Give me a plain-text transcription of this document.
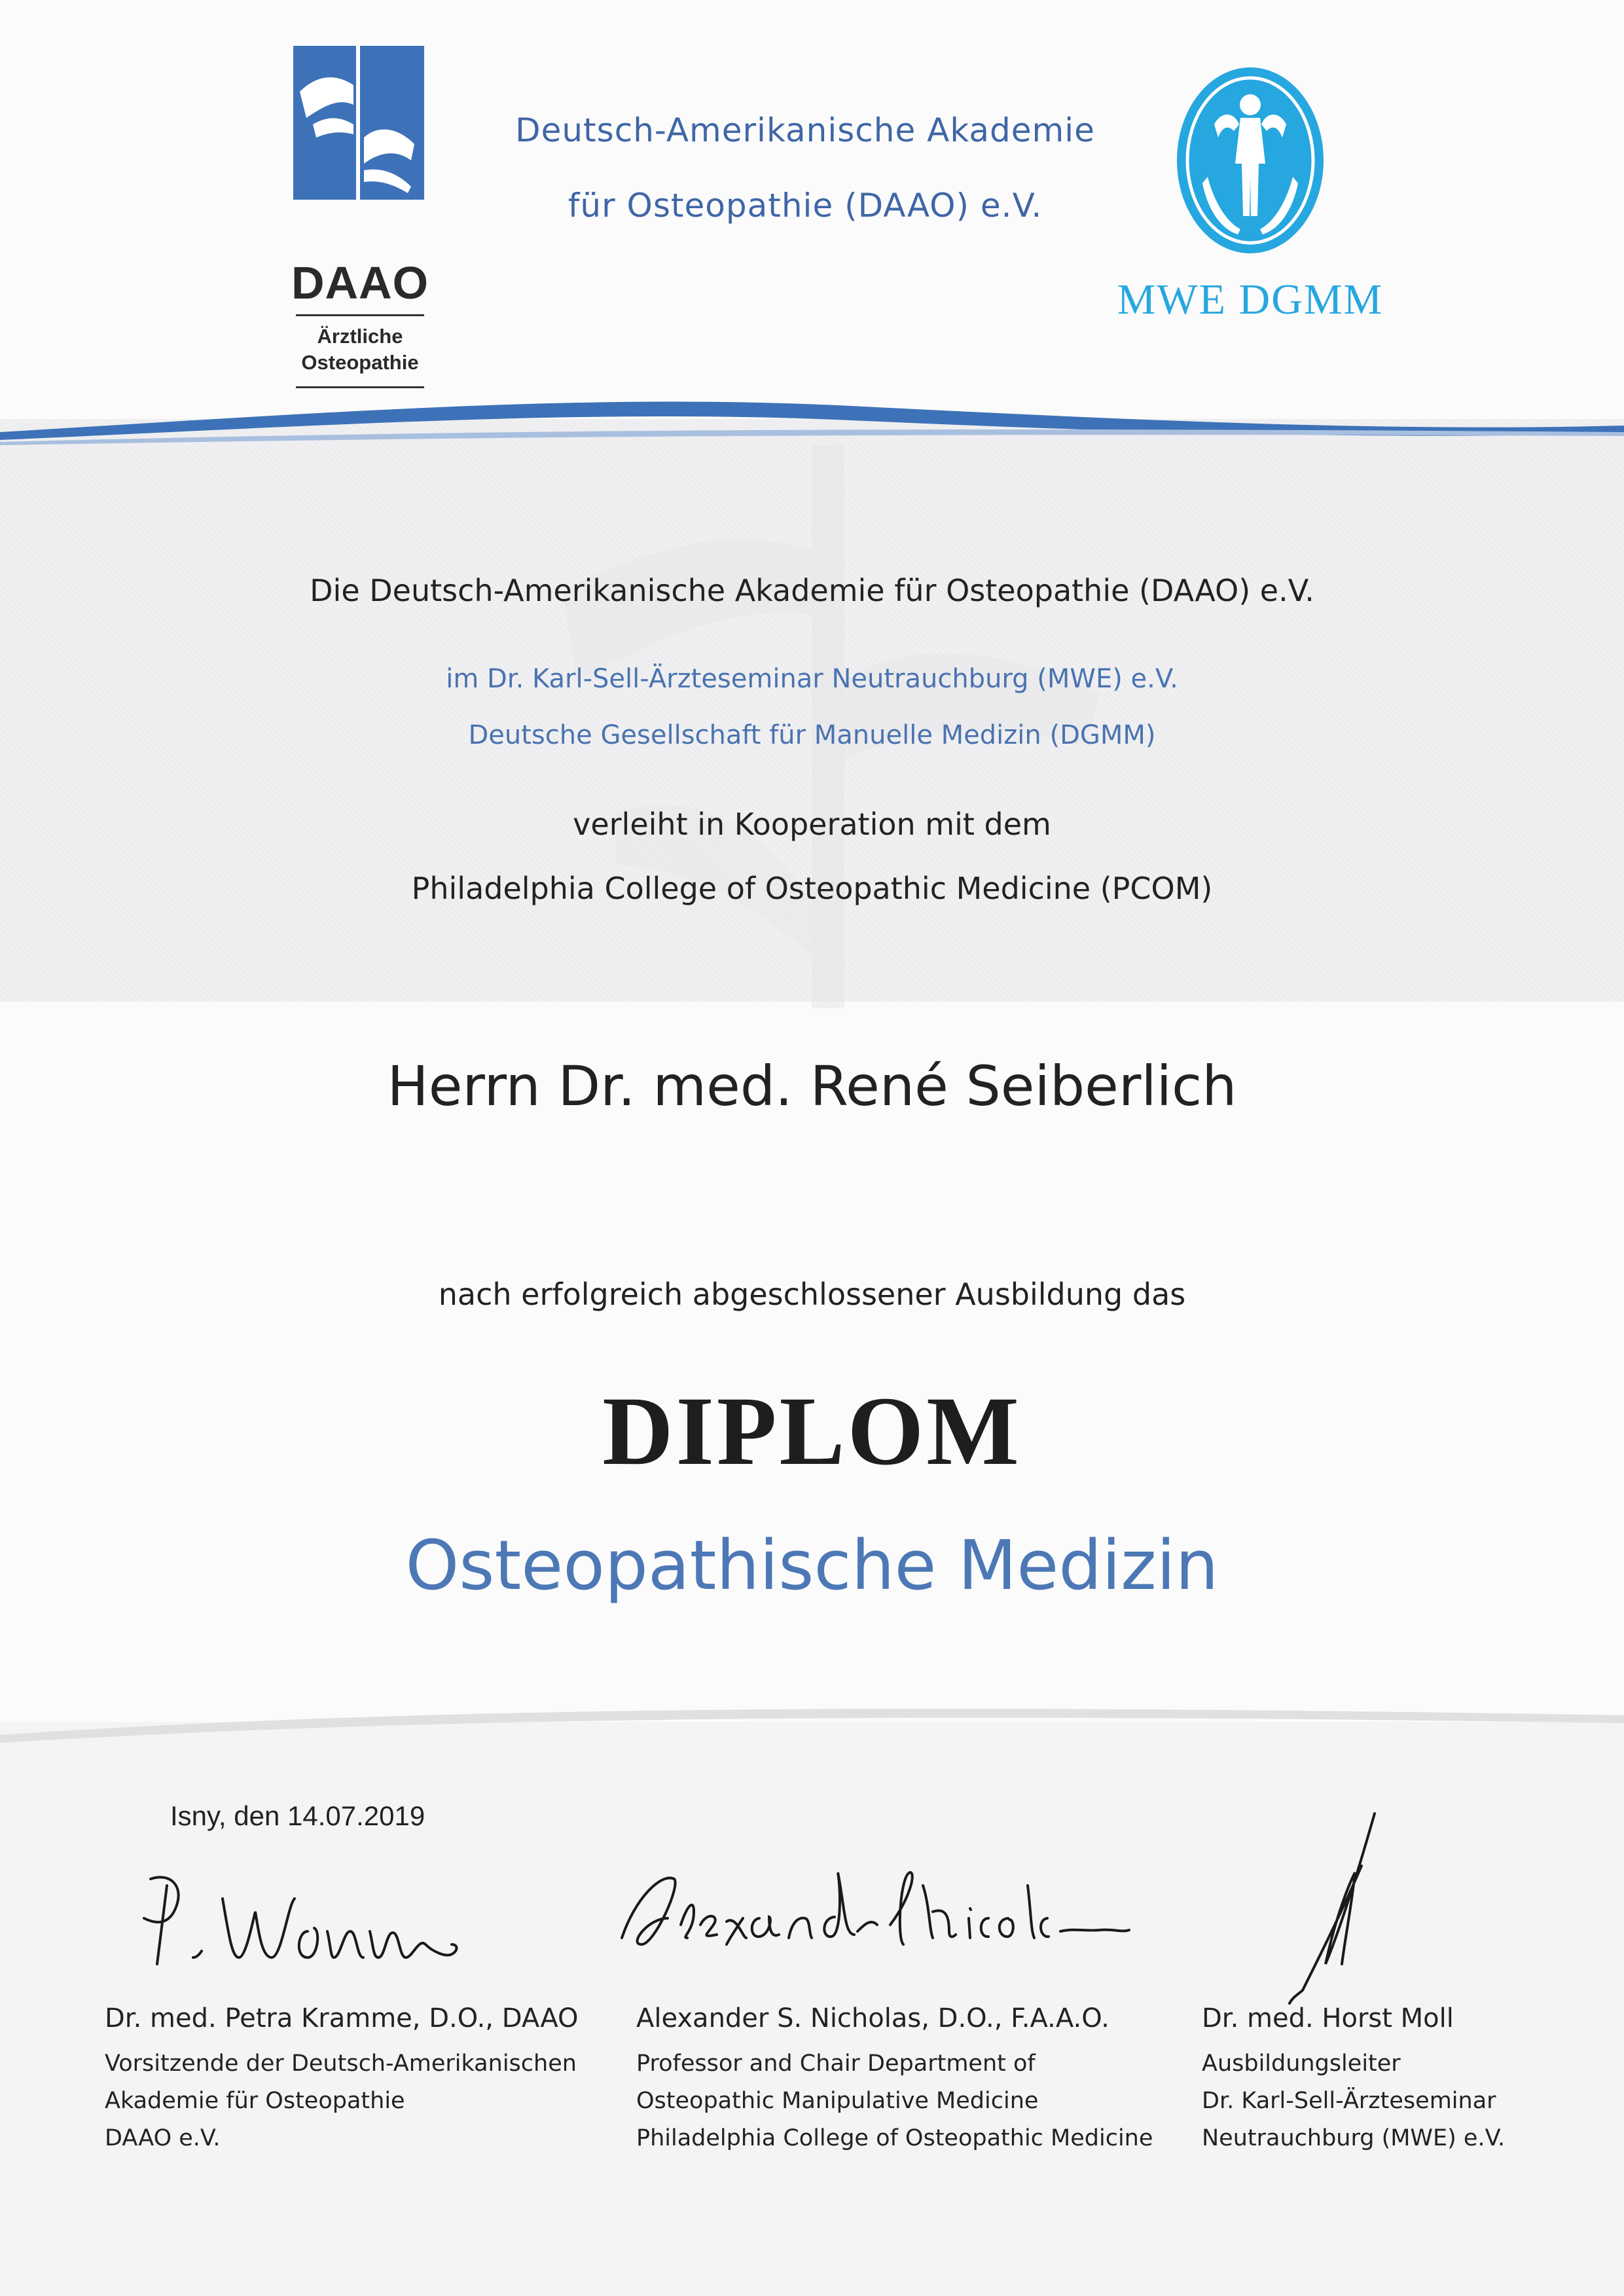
DAAO
Ärztliche
Osteopathie
Deutsch-Amerikanische Akademie
für Osteopathie (DAAO) e.V.
MWE DGMM
Die Deutsch-Amerikanische Akademie für Osteopathie (DAAO) e.V.
im Dr. Karl-Sell-Ärzteseminar Neutrauchburg (MWE) e.V.
Deutsche Gesellschaft für Manuelle Medizin (DGMM)
verleiht in Kooperation mit dem
Philadelphia College of Osteopathic Medicine (PCOM)
Herrn Dr. med. René Seiberlich
nach erfolgreich abgeschlossener Ausbildung das
DIPLOM
Osteopathische Medizin
Isny, den 14.07.2019
Dr. med. Petra Kramme, D.O., DAAO
Vorsitzende der Deutsch-Amerikanischen
Akademie für Osteopathie
DAAO e.V.
Alexander S. Nicholas, D.O., F.A.A.O.
Professor and Chair Department of
Osteopathic Manipulative Medicine
Philadelphia College of Osteopathic Medicine
Dr. med. Horst Moll
Ausbildungsleiter
Dr. Karl-Sell-Ärzteseminar
Neutrauchburg (MWE) e.V.
